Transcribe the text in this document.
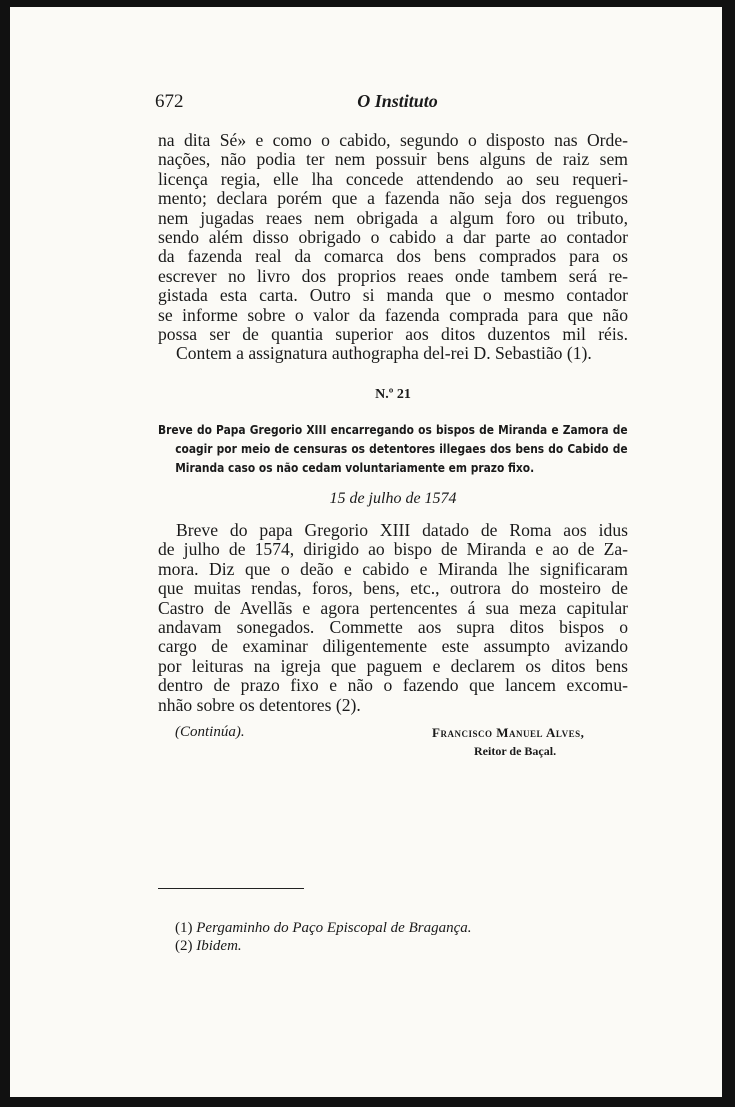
672	O Instituto
na dita Sé» e como o cabido, segundo o disposto nas Orde-
nações, não podia ter nem possuir bens alguns de raiz sem
licença regia, elle lha concede attendendo ao seu requeri-
mento; declara porém que a fazenda não seja dos reguengos
nem jugadas reaes nem obrigada a algum foro ou tributo,
sendo além disso obrigado o cabido a dar parte ao contador
da fazenda real da comarca dos bens comprados para os
escrever no livro dos proprios reaes onde tambem será re-
gistada esta carta. Outro si manda que o mesmo contador
se informe sobre o valor da fazenda comprada para que não
possa ser de quantia superior aos ditos duzentos mil réis.
Contem a assignatura authographa del-rei D. Sebastião (1).
N.º 21
Breve do Papa Gregorio XIII encarregando os bispos de Miranda e Zamora de
coagir por meio de censuras os detentores illegaes dos bens do Cabido de
Miranda caso os não cedam voluntariamente em prazo fixo.
15 de julho de 1574
Breve do papa Gregorio XIII datado de Roma aos idus
de julho de 1574, dirigido ao bispo de Miranda e ao de Za-
mora. Diz que o deão e cabido e Miranda lhe significaram
que muitas rendas, foros, bens, etc., outrora do mosteiro de
Castro de Avellãs e agora pertencentes á sua meza capitular
andavam sonegados. Commette aos supra ditos bispos o
cargo de examinar diligentemente este assumpto avizando
por leituras na igreja que paguem e declarem os ditos bens
dentro de prazo fixo e não o fazendo que lancem excomu-
nhão sobre os detentores (2).
(Continúa).	Francisco Manuel Alves,
Reitor de Baçal.
(1) Pergaminho do Paço Episcopal de Bragança.
(2) Ibidem.
